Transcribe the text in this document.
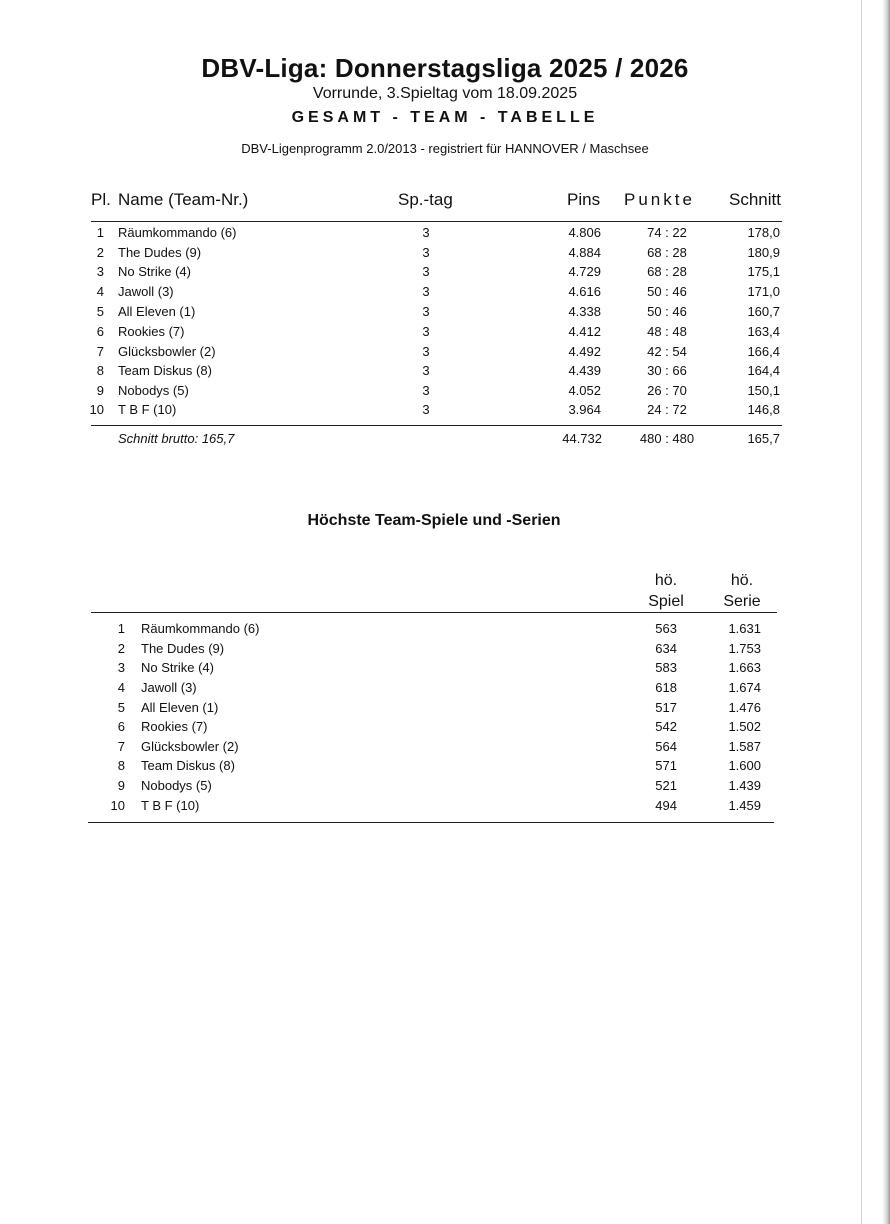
DBV-Liga: Donnerstagsliga 2025 / 2026
Vorrunde, 3.Spieltag vom 18.09.2025
GESAMT - TEAM - TABELLE
DBV-Ligenprogramm 2.0/2013 - registriert für HANNOVER / Maschsee
Pl. Name (Team-Nr.)	Sp.-tag	Pins Punkte Schnitt
1 Räumkommando (6)	3	4.806	74 : 22	178,0
2 The Dudes (9)	3	4.884	68 : 28	180,9
3 No Strike (4)	3	4.729	68 : 28	175,1
4 Jawoll (3)	3	4.616	50 : 46	171,0
5 All Eleven (1)	3	4.338	50 : 46	160,7
6 Rookies (7)	3	4.412	48 : 48	163,4
7 Glücksbowler (2)	3	4.492	42 : 54	166,4
8 Team Diskus (8)	3	4.439	30 : 66	164,4
9 Nobodys (5)	3	4.052	26 : 70	150,1
10 T B F (10)	3	3.964	24 : 72	146,8
Schnitt brutto: 165,7	44.732	480 : 480	165,7
Höchste Team-Spiele und -Serien
hö.
Spiel
hö.
Serie
1 Räumkommando (6)	563	1.631
2 The Dudes (9)	634	1.753
3 No Strike (4)	583	1.663
4 Jawoll (3)	618	1.674
5 All Eleven (1)	517	1.476
6 Rookies (7)	542	1.502
7 Glücksbowler (2)	564	1.587
8 Team Diskus (8)	571	1.600
9 Nobodys (5)	521	1.439
10 T B F (10)	494	1.459
